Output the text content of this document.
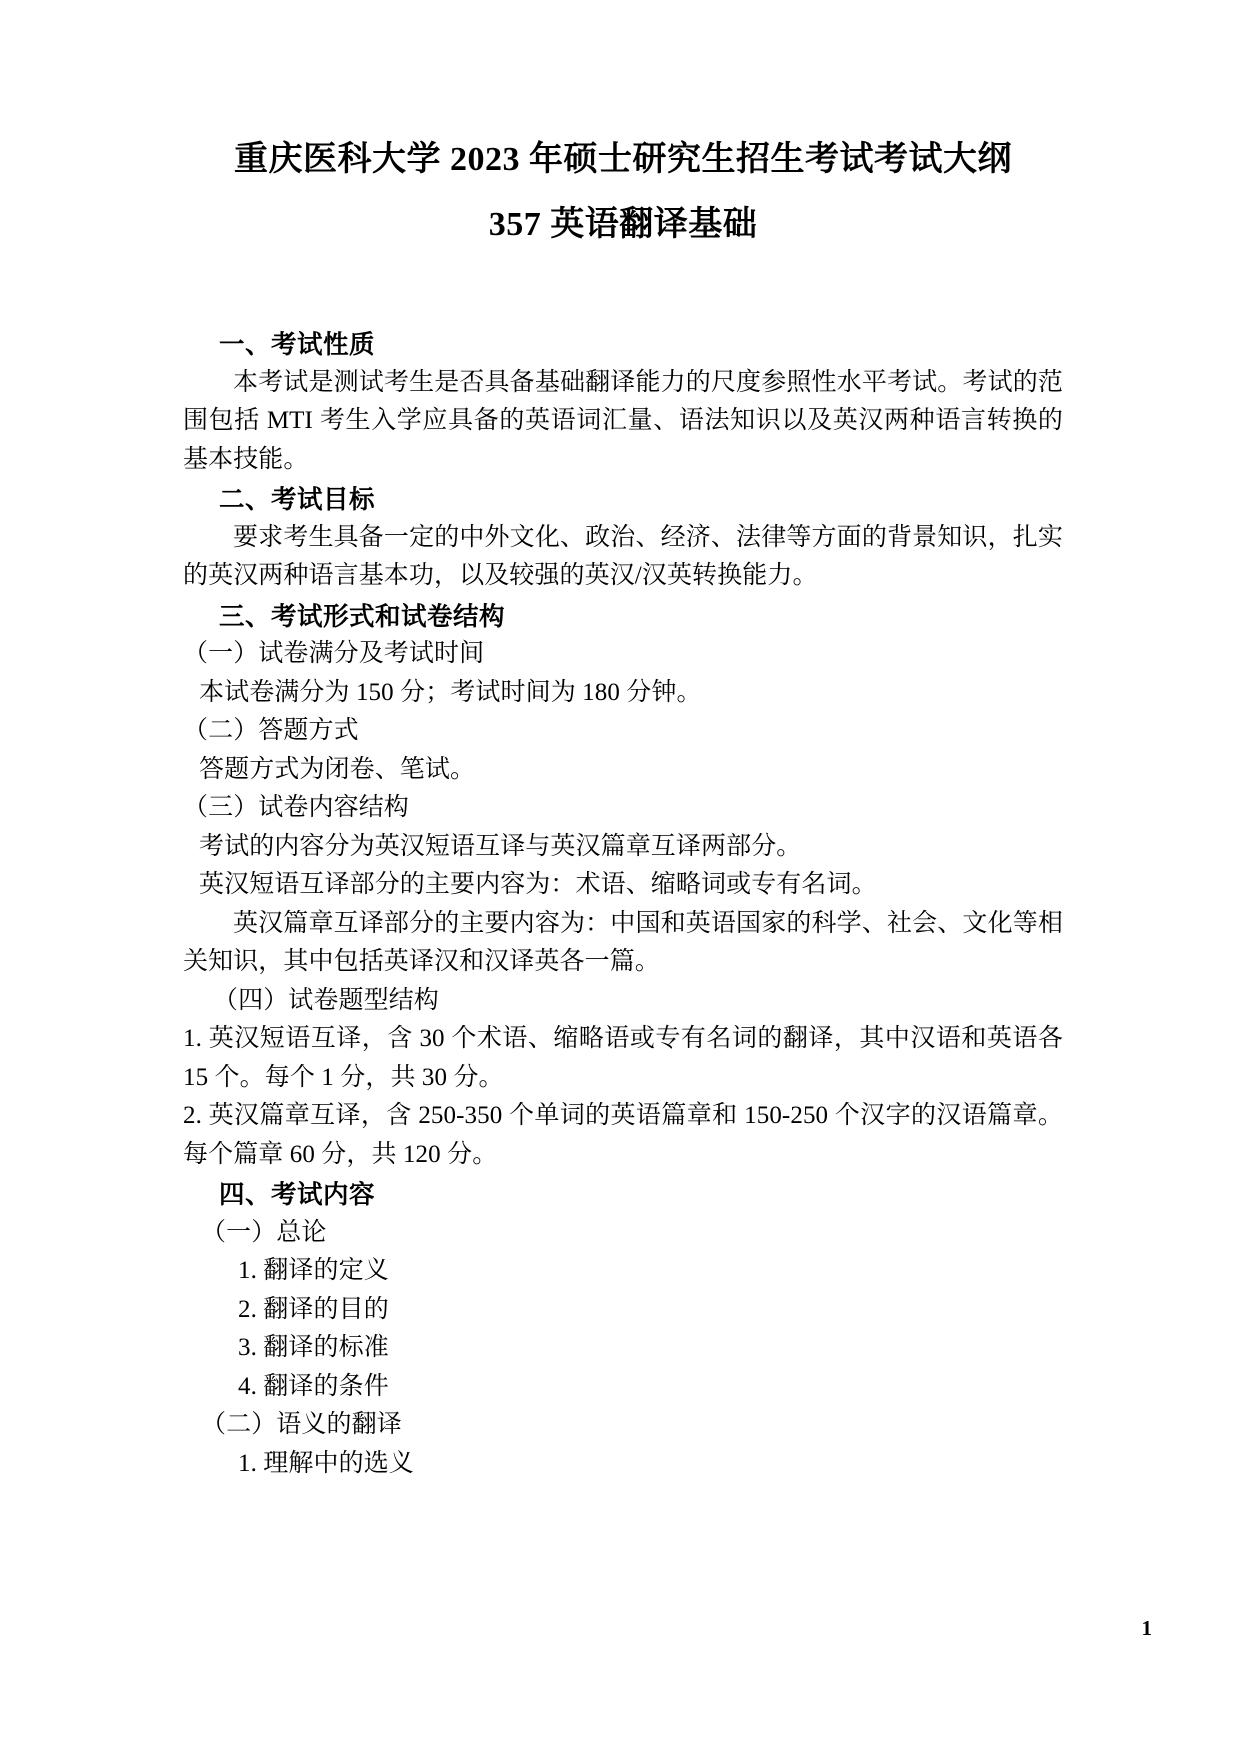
重庆医科大学 2023 年硕士研究生招生考试考试大纲
357 英语翻译基础
一、考试性质

本考试是测试考生是否具备基础翻译能力的尺度参照性水平考试。考试的范围包括 MTI 考生入学应具备的英语词汇量、语法知识以及英汉两种语言转换的基本技能。

二、考试目标

要求考生具备一定的中外文化、政治、经济、法律等方面的背景知识，扎实的英汉两种语言基本功，以及较强的英汉/汉英转换能力。

三、考试形式和试卷结构
（一）试卷满分及考试时间
本试卷满分为 150 分；考试时间为 180 分钟。
（二）答题方式
答题方式为闭卷、笔试。
（三）试卷内容结构
考试的内容分为英汉短语互译与英汉篇章互译两部分。
英汉短语互译部分的主要内容为：术语、缩略词或专有名词。

英汉篇章互译部分的主要内容为：中国和英语国家的科学、社会、文化等相关知识，其中包括英译汉和汉译英各一篇。

（四）试卷题型结构

1. 英汉短语互译，含 30 个术语、缩略语或专有名词的翻译，其中汉语和英语各 15 个。每个 1 分，共 30 分。

2. 英汉篇章互译，含 250-350 个单词的英语篇章和 150-250 个汉字的汉语篇章。每个篇章 60 分，共 120 分。

四、考试内容
（一）总论
1. 翻译的定义
2. 翻译的目的
3. 翻译的标准
4. 翻译的条件
（二）语义的翻译
1. 理解中的选义
1
